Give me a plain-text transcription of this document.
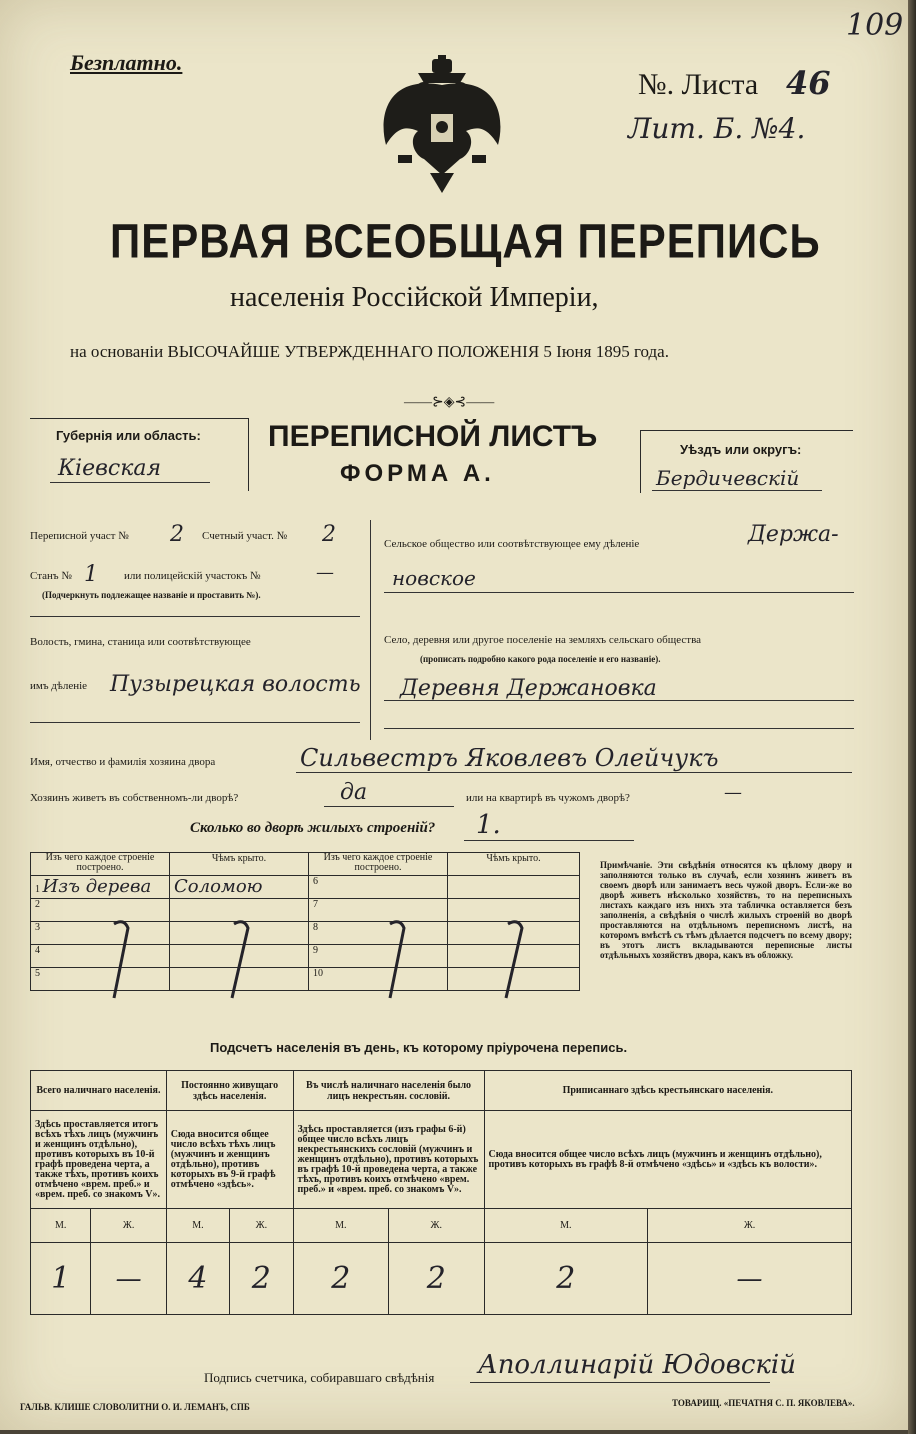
109
Безплатно.
№. Листа 46
Лит. Б. №4.
ПЕРВАЯ ВСЕОБЩАЯ ПЕРЕПИСЬ
населенія Россійской Имперіи,
на основаніи ВЫСОЧАЙШЕ УТВЕРЖДЕННАГО ПОЛОЖЕНІЯ 5 Іюня 1895 года.
——⊱◈⊰——
Губернія или область:
Кіевская
ПЕРЕПИСНОЙ ЛИСТЪ
ФОРМА А.
Уѣздъ или округъ:
Бердичевскій
Переписной участ № 2 Счетный участ. № 2
Станъ № 1 или полицейскій участокъ №	—
(Подчеркнуть подлежащее названіе и проставить №).
Волость, гмина, станица или соотвѣтствующее
имъ дѣленіе Пузырецкая волость
Сельское общество или соотвѣтствующее ему дѣленіе	Держа-
новское
Село, деревня или другое поселеніе на земляхъ сельскаго общества
(прописать подробно какого рода поселеніе и его названіе).
Деревня Держановка
Имя, отчество и фамилія хозяина двора	Сильвестръ Яковлевъ Олейчукъ
Хозяинъ живетъ въ собственномъ-ли дворѣ?	да	или на квартирѣ въ чужомъ дворѣ?	—
Сколько во дворѣ жилыхъ строеній? 1.
Изъ чего каждое строеніе построено.	Чѣмъ крыто.	Изъ чего каждое строеніе построено.	Чѣмъ крыто.
1 Изъ дерева	Соломою	6	
2		7	
3		8	
4		9	
5		10	
Примѣчаніе. Эти свѣдѣнія относятся къ цѣлому двору и заполняются только въ случаѣ, если хозяинъ живетъ въ своемъ дворѣ или занимаетъ весь чужой дворъ. Если-же во дворѣ живетъ нѣсколько хозяйствъ, то на переписныхъ листахъ каждаго изъ нихъ эта табличка оставляется безъ заполненія, а свѣдѣнія о числѣ жилыхъ строеній во дворѣ проставляются на отдѣльномъ переписномъ листѣ, на которомъ вмѣстѣ съ тѣмъ дѣлается подсчетъ по всему двору; въ этотъ листъ вкладываются переписные листы отдѣльныхъ хозяйствъ двора, какъ въ обложку.
Подсчетъ населенія въ день, къ которому пріурочена перепись.
Всего наличнаго населенія.		Постоянно живущаго здѣсь населенія.		Въ числѣ наличнаго населенія было лицъ некрестьян. сословій.		Приписаннаго здѣсь крестьянскаго населенія.	
Здѣсь проставляется итогъ всѣхъ тѣхъ лицъ (мужчинъ и женщинъ отдѣльно), противъ которыхъ въ 10-й графѣ проведена черта, а также тѣхъ, противъ коихъ отмѣчено «врем. преб.» и «врем. преб. со знакомъ V».		Сюда вносится общее число всѣхъ тѣхъ лицъ (мужчинъ и женщинъ отдѣльно), противъ которыхъ въ 9-й графѣ отмѣчено «здѣсь».		Здѣсь проставляется (изъ графы 6-й) общее число всѣхъ лицъ некрестьянскихъ сословій (мужчинъ и женщинъ отдѣльно), противъ которыхъ въ графѣ 10-й проведена черта, а также тѣхъ, противъ коихъ отмѣчено «врем. преб.» и «врем. преб. со знакомъ V».		Сюда вносится общее число всѣхъ лицъ (мужчинъ и женщинъ отдѣльно), противъ которыхъ въ графѣ 8-й отмѣчено «здѣсь» и «здѣсь къ волости».	
М.	Ж.	М.	Ж.	М.	Ж.	М.	Ж.
1	—	4	2	2	2	2	—
Подпись счетчика, собиравшаго свѣдѣнія Аполлинарій Юдовскій
ГАЛЬВ. КЛИШЕ СЛОВОЛИТНИ О. И. ЛЕМАНЪ, СПБ	ТОВАРИЩ. «ПЕЧАТНЯ С. П. ЯКОВЛЕВА».
